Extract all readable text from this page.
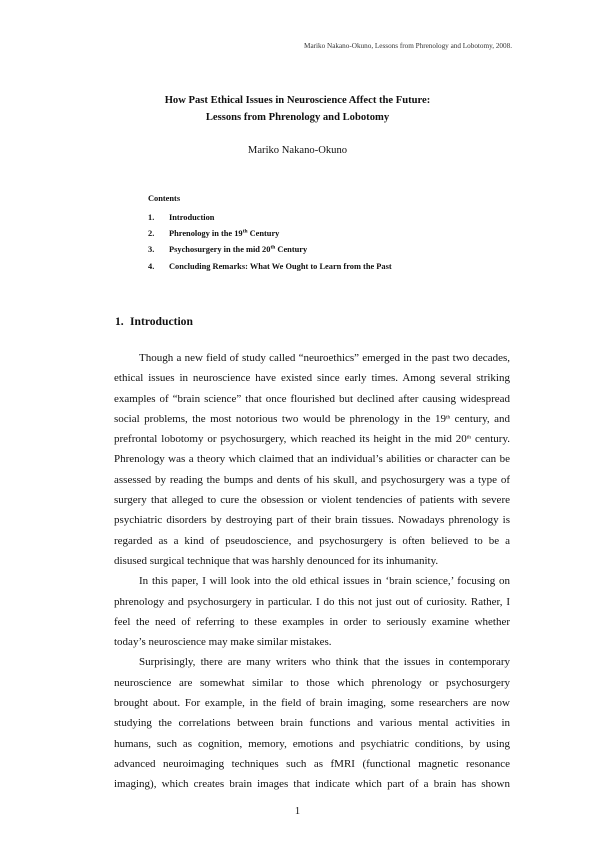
Mariko Nakano-Okuno, Lessons from Phrenology and Lobotomy, 2008.
How Past Ethical Issues in Neuroscience Affect the Future:
Lessons from Phrenology and Lobotomy
Mariko Nakano-Okuno
Contents
1. Introduction
2. Phrenology in the 19th Century
3. Psychosurgery in the mid 20th Century
4. Concluding Remarks: What We Ought to Learn from the Past
1. Introduction
Though a new field of study called “neuroethics” emerged in the past two decades,
ethical issues in neuroscience have existed since early times. Among several striking
examples of “brain science” that once flourished but declined after causing widespread
social problems, the most notorious two would be phrenology in the 19th century, and
prefrontal lobotomy or psychosurgery, which reached its height in the mid 20th century.
Phrenology was a theory which claimed that an individual’s abilities or character can be
assessed by reading the bumps and dents of his skull, and psychosurgery was a type of
surgery that alleged to cure the obsession or violent tendencies of patients with severe
psychiatric disorders by destroying part of their brain tissues. Nowadays phrenology is
regarded as a kind of pseudoscience, and psychosurgery is often believed to be a
disused surgical technique that was harshly denounced for its inhumanity.
In this paper, I will look into the old ethical issues in ‘brain science,’ focusing on
phrenology and psychosurgery in particular. I do this not just out of curiosity. Rather, I
feel the need of referring to these examples in order to seriously examine whether
today’s neuroscience may make similar mistakes.
Surprisingly, there are many writers who think that the issues in contemporary
neuroscience are somewhat similar to those which phrenology or psychosurgery
brought about. For example, in the field of brain imaging, some researchers are now
studying the correlations between brain functions and various mental activities in
humans, such as cognition, memory, emotions and psychiatric conditions, by using
advanced neuroimaging techniques such as fMRI (functional magnetic resonance
imaging), which creates brain images that indicate which part of a brain has shown
1
